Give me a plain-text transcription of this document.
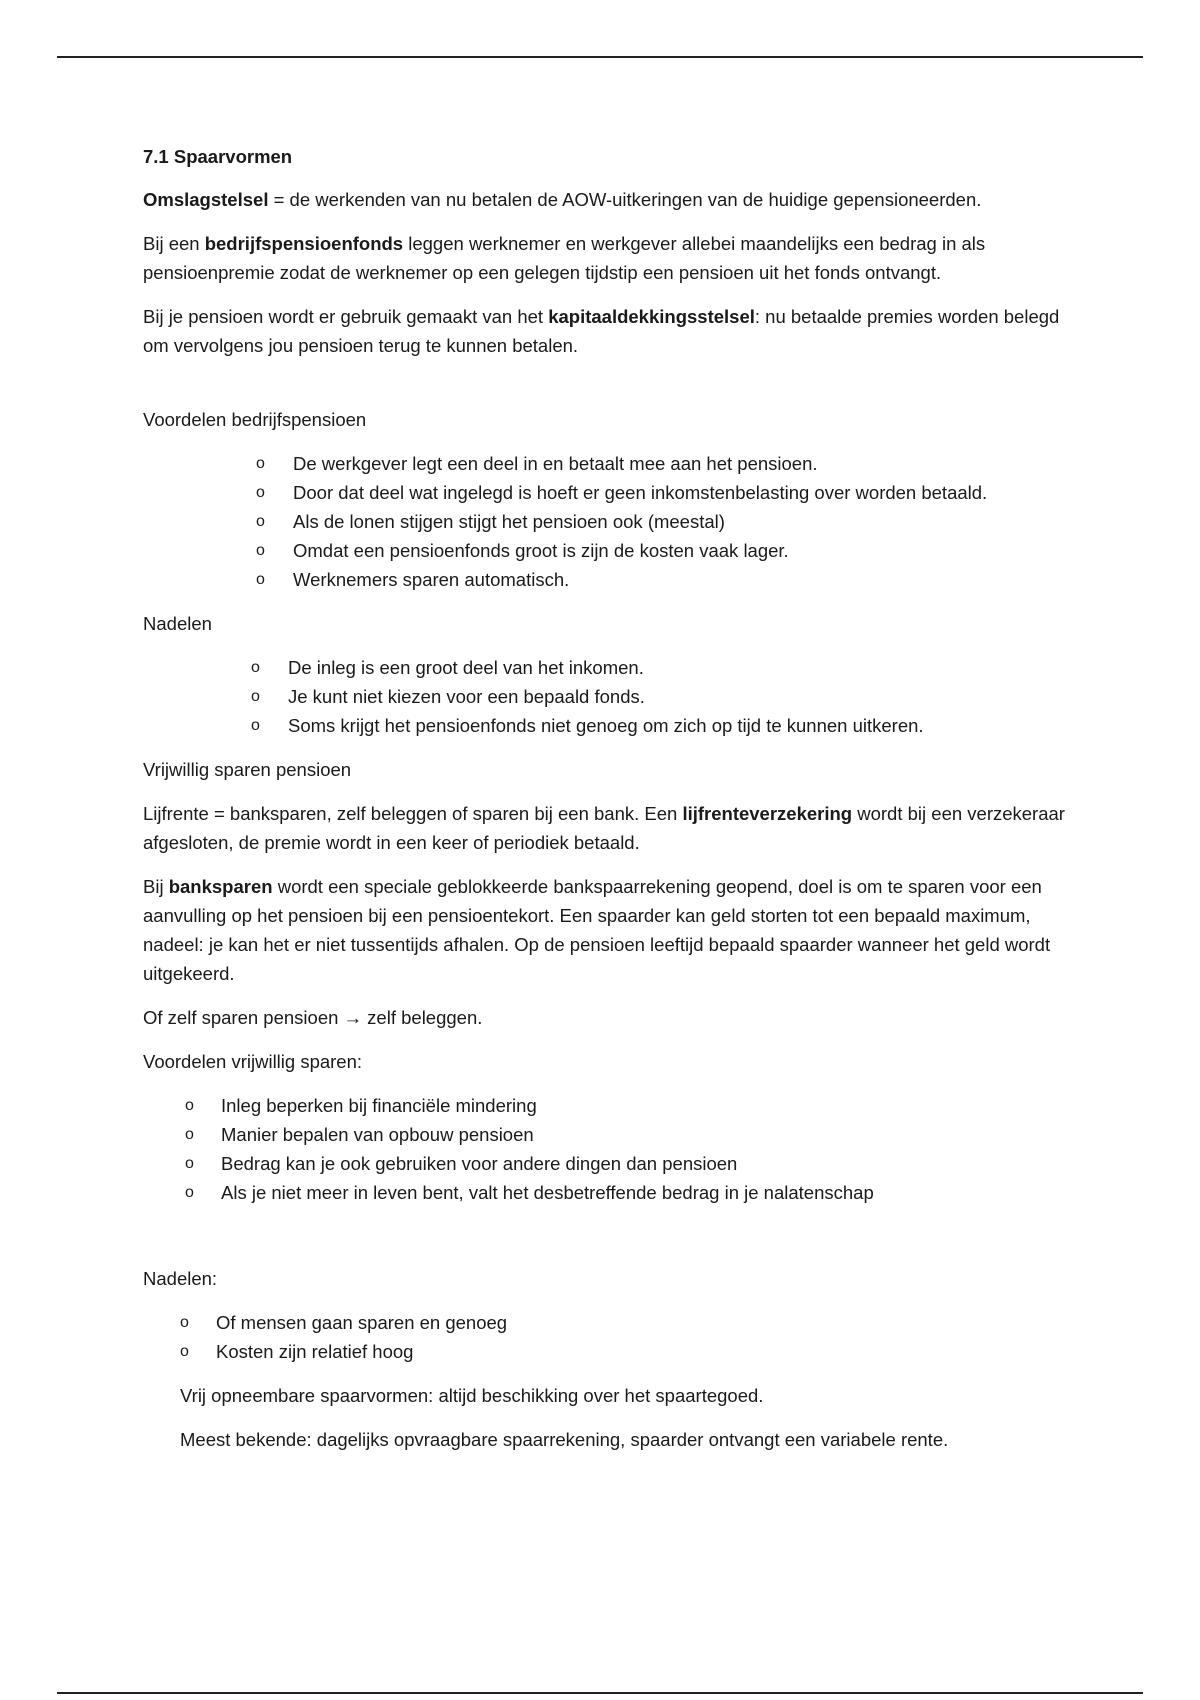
7.1 Spaarvormen

Omslagstelsel = de werkenden van nu betalen de AOW-uitkeringen van de huidige gepensioneerden.

Bij een bedrijfspensioenfonds leggen werknemer en werkgever allebei maandelijks een bedrag in als pensioenpremie zodat de werknemer op een gelegen tijdstip een pensioen uit het fonds ontvangt.

Bij je pensioen wordt er gebruik gemaakt van het kapitaaldekkingsstelsel: nu betaalde premies worden belegd om vervolgens jou pensioen terug te kunnen betalen.

Voordelen bedrijfspensioen

o De werkgever legt een deel in en betaalt mee aan het pensioen.
o Door dat deel wat ingelegd is hoeft er geen inkomstenbelasting over worden betaald.
o Als de lonen stijgen stijgt het pensioen ook (meestal)
o Omdat een pensioenfonds groot is zijn de kosten vaak lager.
o Werknemers sparen automatisch.

Nadelen

o De inleg is een groot deel van het inkomen.
o Je kunt niet kiezen voor een bepaald fonds.
o Soms krijgt het pensioenfonds niet genoeg om zich op tijd te kunnen uitkeren.

Vrijwillig sparen pensioen

Lijfrente = banksparen, zelf beleggen of sparen bij een bank. Een lijfrenteverzekering wordt bij een verzekeraar afgesloten, de premie wordt in een keer of periodiek betaald.

Bij banksparen wordt een speciale geblokkeerde bankspaarrekening geopend, doel is om te sparen voor een aanvulling op het pensioen bij een pensioentekort. Een spaarder kan geld storten tot een bepaald maximum, nadeel: je kan het er niet tussentijds afhalen. Op de pensioen leeftijd bepaald spaarder wanneer het geld wordt uitgekeerd.

Of zelf sparen pensioen → zelf beleggen.

Voordelen vrijwillig sparen:

o Inleg beperken bij financiële mindering
o Manier bepalen van opbouw pensioen
o Bedrag kan je ook gebruiken voor andere dingen dan pensioen
o Als je niet meer in leven bent, valt het desbetreffende bedrag in je nalatenschap

Nadelen:

o Of mensen gaan sparen en genoeg
o Kosten zijn relatief hoog

Vrij opneembare spaarvormen: altijd beschikking over het spaartegoed.

Meest bekende: dagelijks opvraagbare spaarrekening, spaarder ontvangt een variabele rente.
